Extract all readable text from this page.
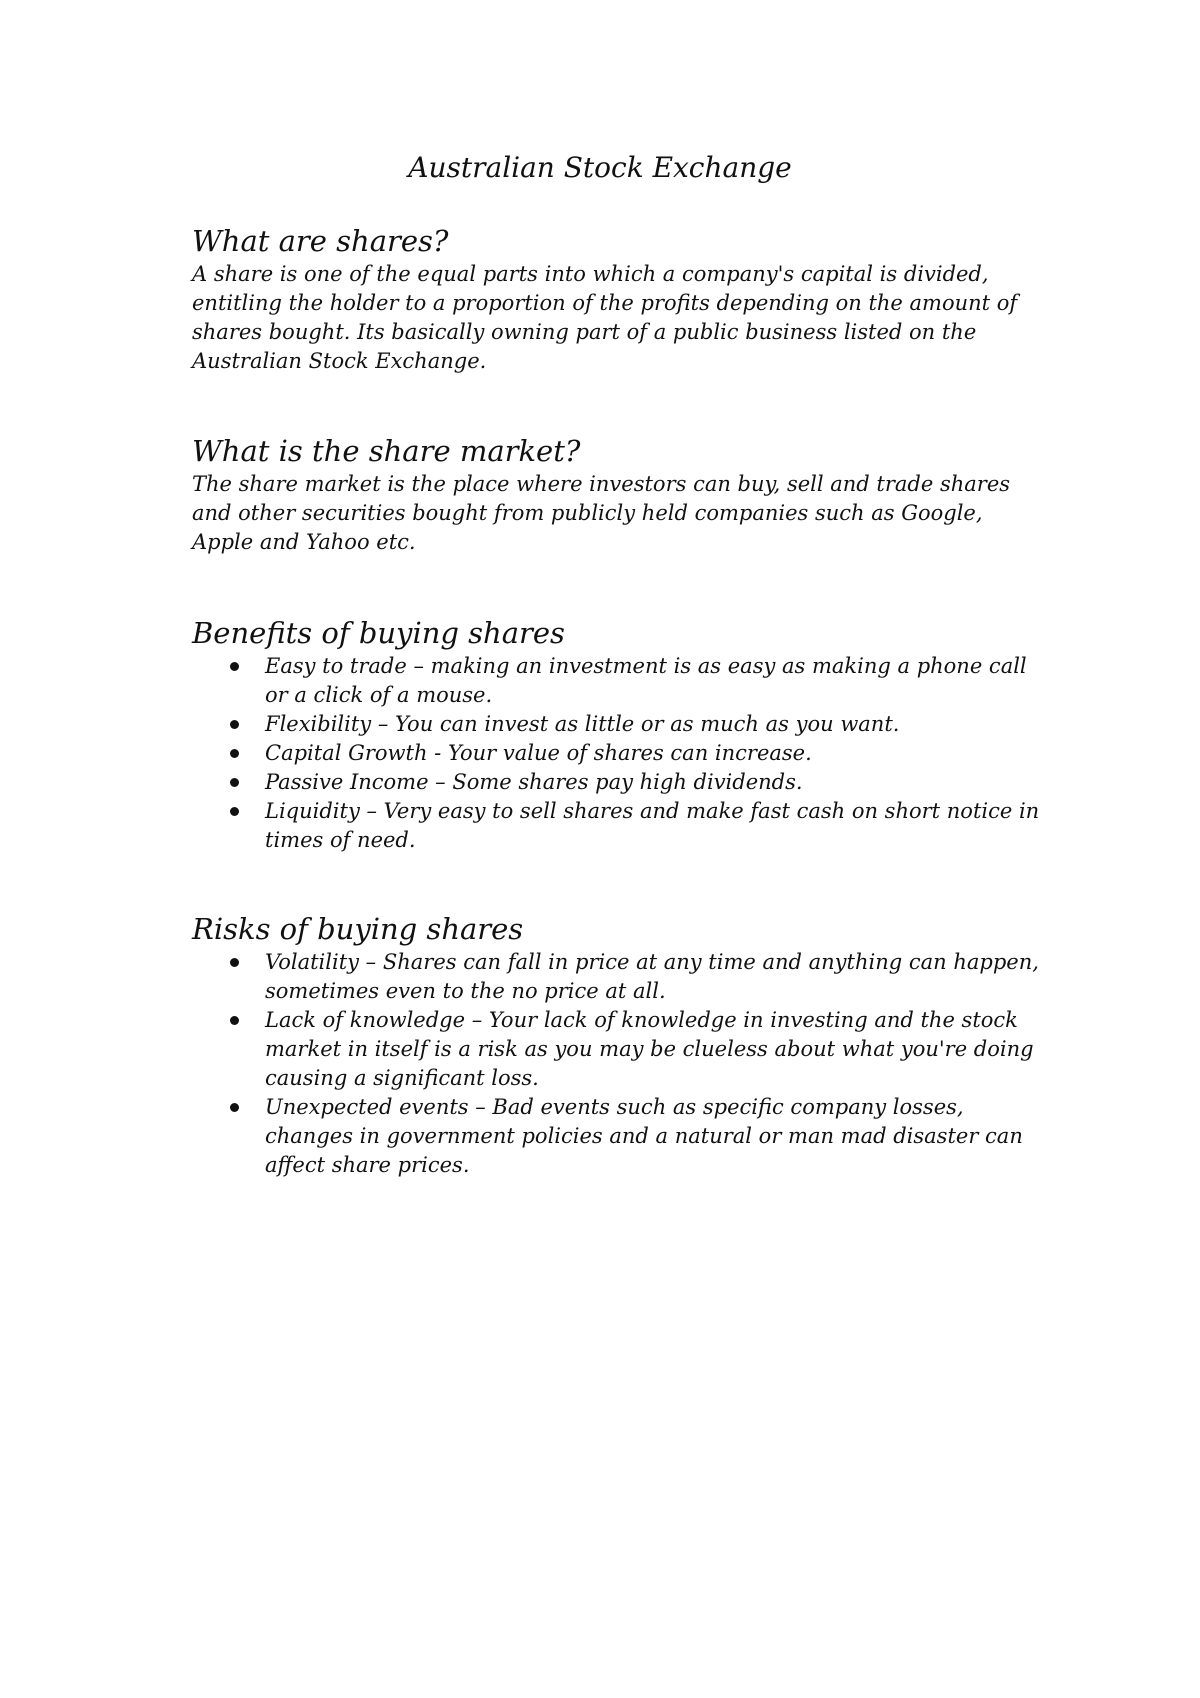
Australian Stock Exchange
What are shares?

A share is one of the equal parts into which a company's capital is divided, entitling the holder to a proportion of the profits depending on the amount of shares bought. Its basically owning part of a public business listed on the Australian Stock Exchange.

What is the share market?

The share market is the place where investors can buy, sell and trade shares and other securities bought from publicly held companies such as Google, Apple and Yahoo etc.

Benefits of buying shares
Easy to trade – making an investment is as easy as making a phone call or a click of a mouse.
Flexibility – You can invest as little or as much as you want.
Capital Growth - Your value of shares can increase.
Passive Income – Some shares pay high dividends.
Liquidity – Very easy to sell shares and make fast cash on short notice in times of need.
Risks of buying shares
Volatility – Shares can fall in price at any time and anything can happen, sometimes even to the no price at all.
Lack of knowledge – Your lack of knowledge in investing and the stock market in itself is a risk as you may be clueless about what you're doing causing a significant loss.
Unexpected events – Bad events such as specific company losses, changes in government policies and a natural or man mad disaster can affect share prices.
